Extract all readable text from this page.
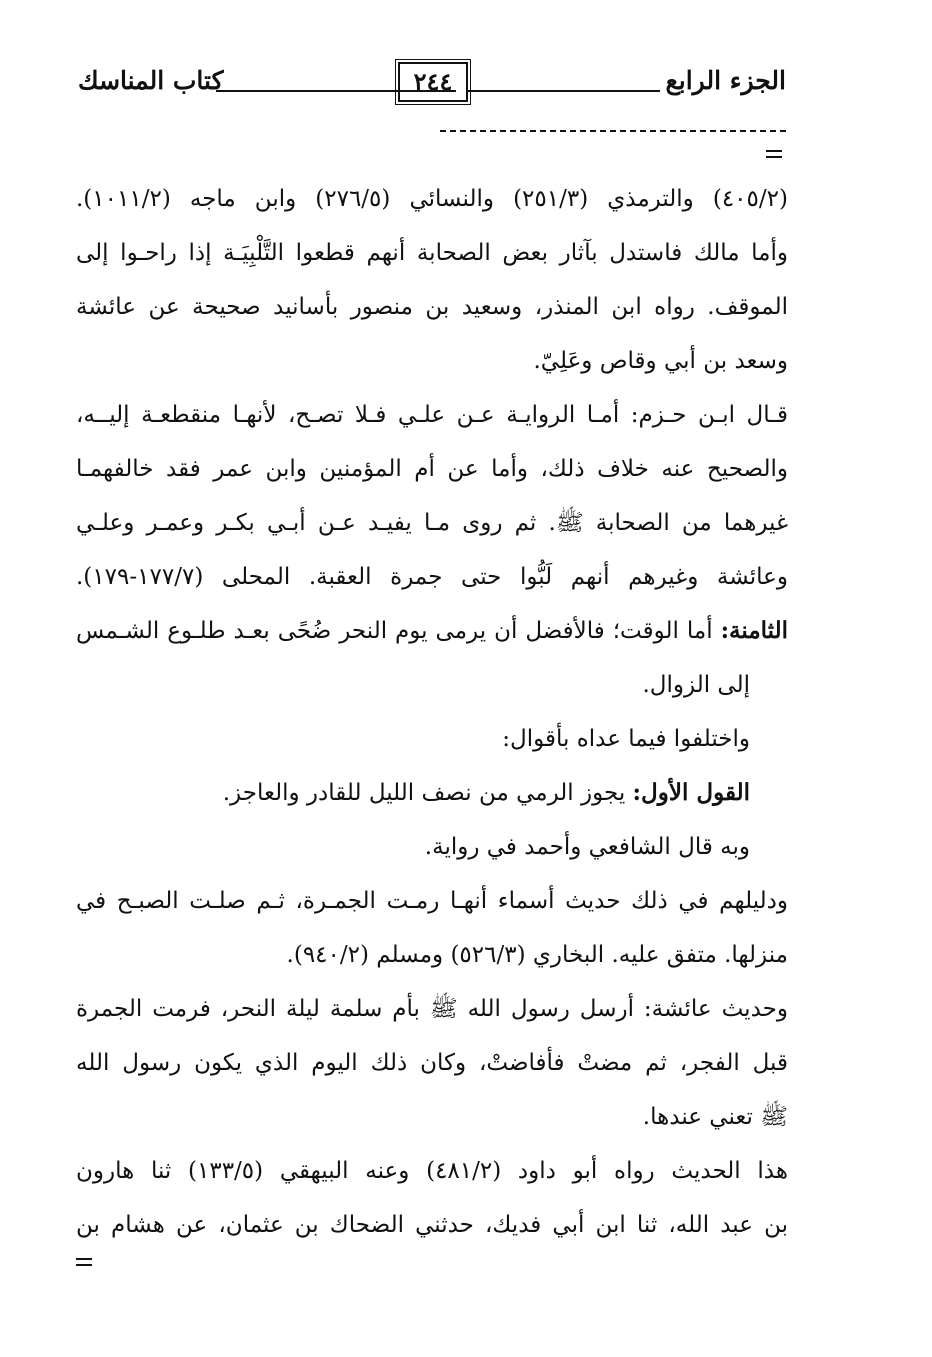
الجزء الرابع
٢٤٤
كتاب المناسك
(٤٠٥/٢) والترمذي (٢٥١/٣) والنسائي (٢٧٦/٥) وابن ماجه (١٠١١/٢).
وأما مالك فاستدل بآثار بعض الصحابة أنهم قطعوا التَّلْبِيَـة إذا راحـوا إلى
الموقف. رواه ابن المنذر، وسعيد بن منصور بأسانيد صحيحة عن عائشة
وسعد بن أبي وقاص وعَلِيّ.
قـال ابـن حـزم: أمـا الروايـة عـن علـي فـلا تصـح، لأنهـا منقطعـة إليــه،
والصحيح عنه خلاف ذلك، وأما عن أم المؤمنين وابن عمر فقد خالفهمـا
غيرهما من الصحابة ﷺ. ثم روى مـا يفيـد عـن أبـي بكـر وعمـر وعلـي
وعائشة وغيرهم أنهم لَبُّوا حتى جمرة العقبة. المحلى (١٧٧/٧-١٧٩).
الثامنة: أما الوقت؛ فالأفضل أن يرمى يوم النحر ضُحًى بعـد طلـوع الشـمس
إلى الزوال.
واختلفوا فيما عداه بأقوال:
القول الأول: يجوز الرمي من نصف الليل للقادر والعاجز.
وبه قال الشافعي وأحمد في رواية.
ودليلهم في ذلك حديث أسماء أنهـا رمـت الجمـرة، ثـم صلـت الصبـح في
منزلها. متفق عليه. البخاري (٥٢٦/٣) ومسلم (٩٤٠/٢).
وحديث عائشة: أرسل رسول الله ﷺ بأم سلمة ليلة النحر، فرمت الجمرة
قبل الفجر، ثم مضتْ فأفاضتْ، وكان ذلك اليوم الذي يكون رسول الله
ﷺ تعني عندها.
هذا الحديث رواه أبو داود (٤٨١/٢) وعنه البيهقي (١٣٣/٥) ثنا هارون
بن عبد الله، ثنا ابن أبي فديك، حدثني الضحاك بن عثمان، عن هشام بن
